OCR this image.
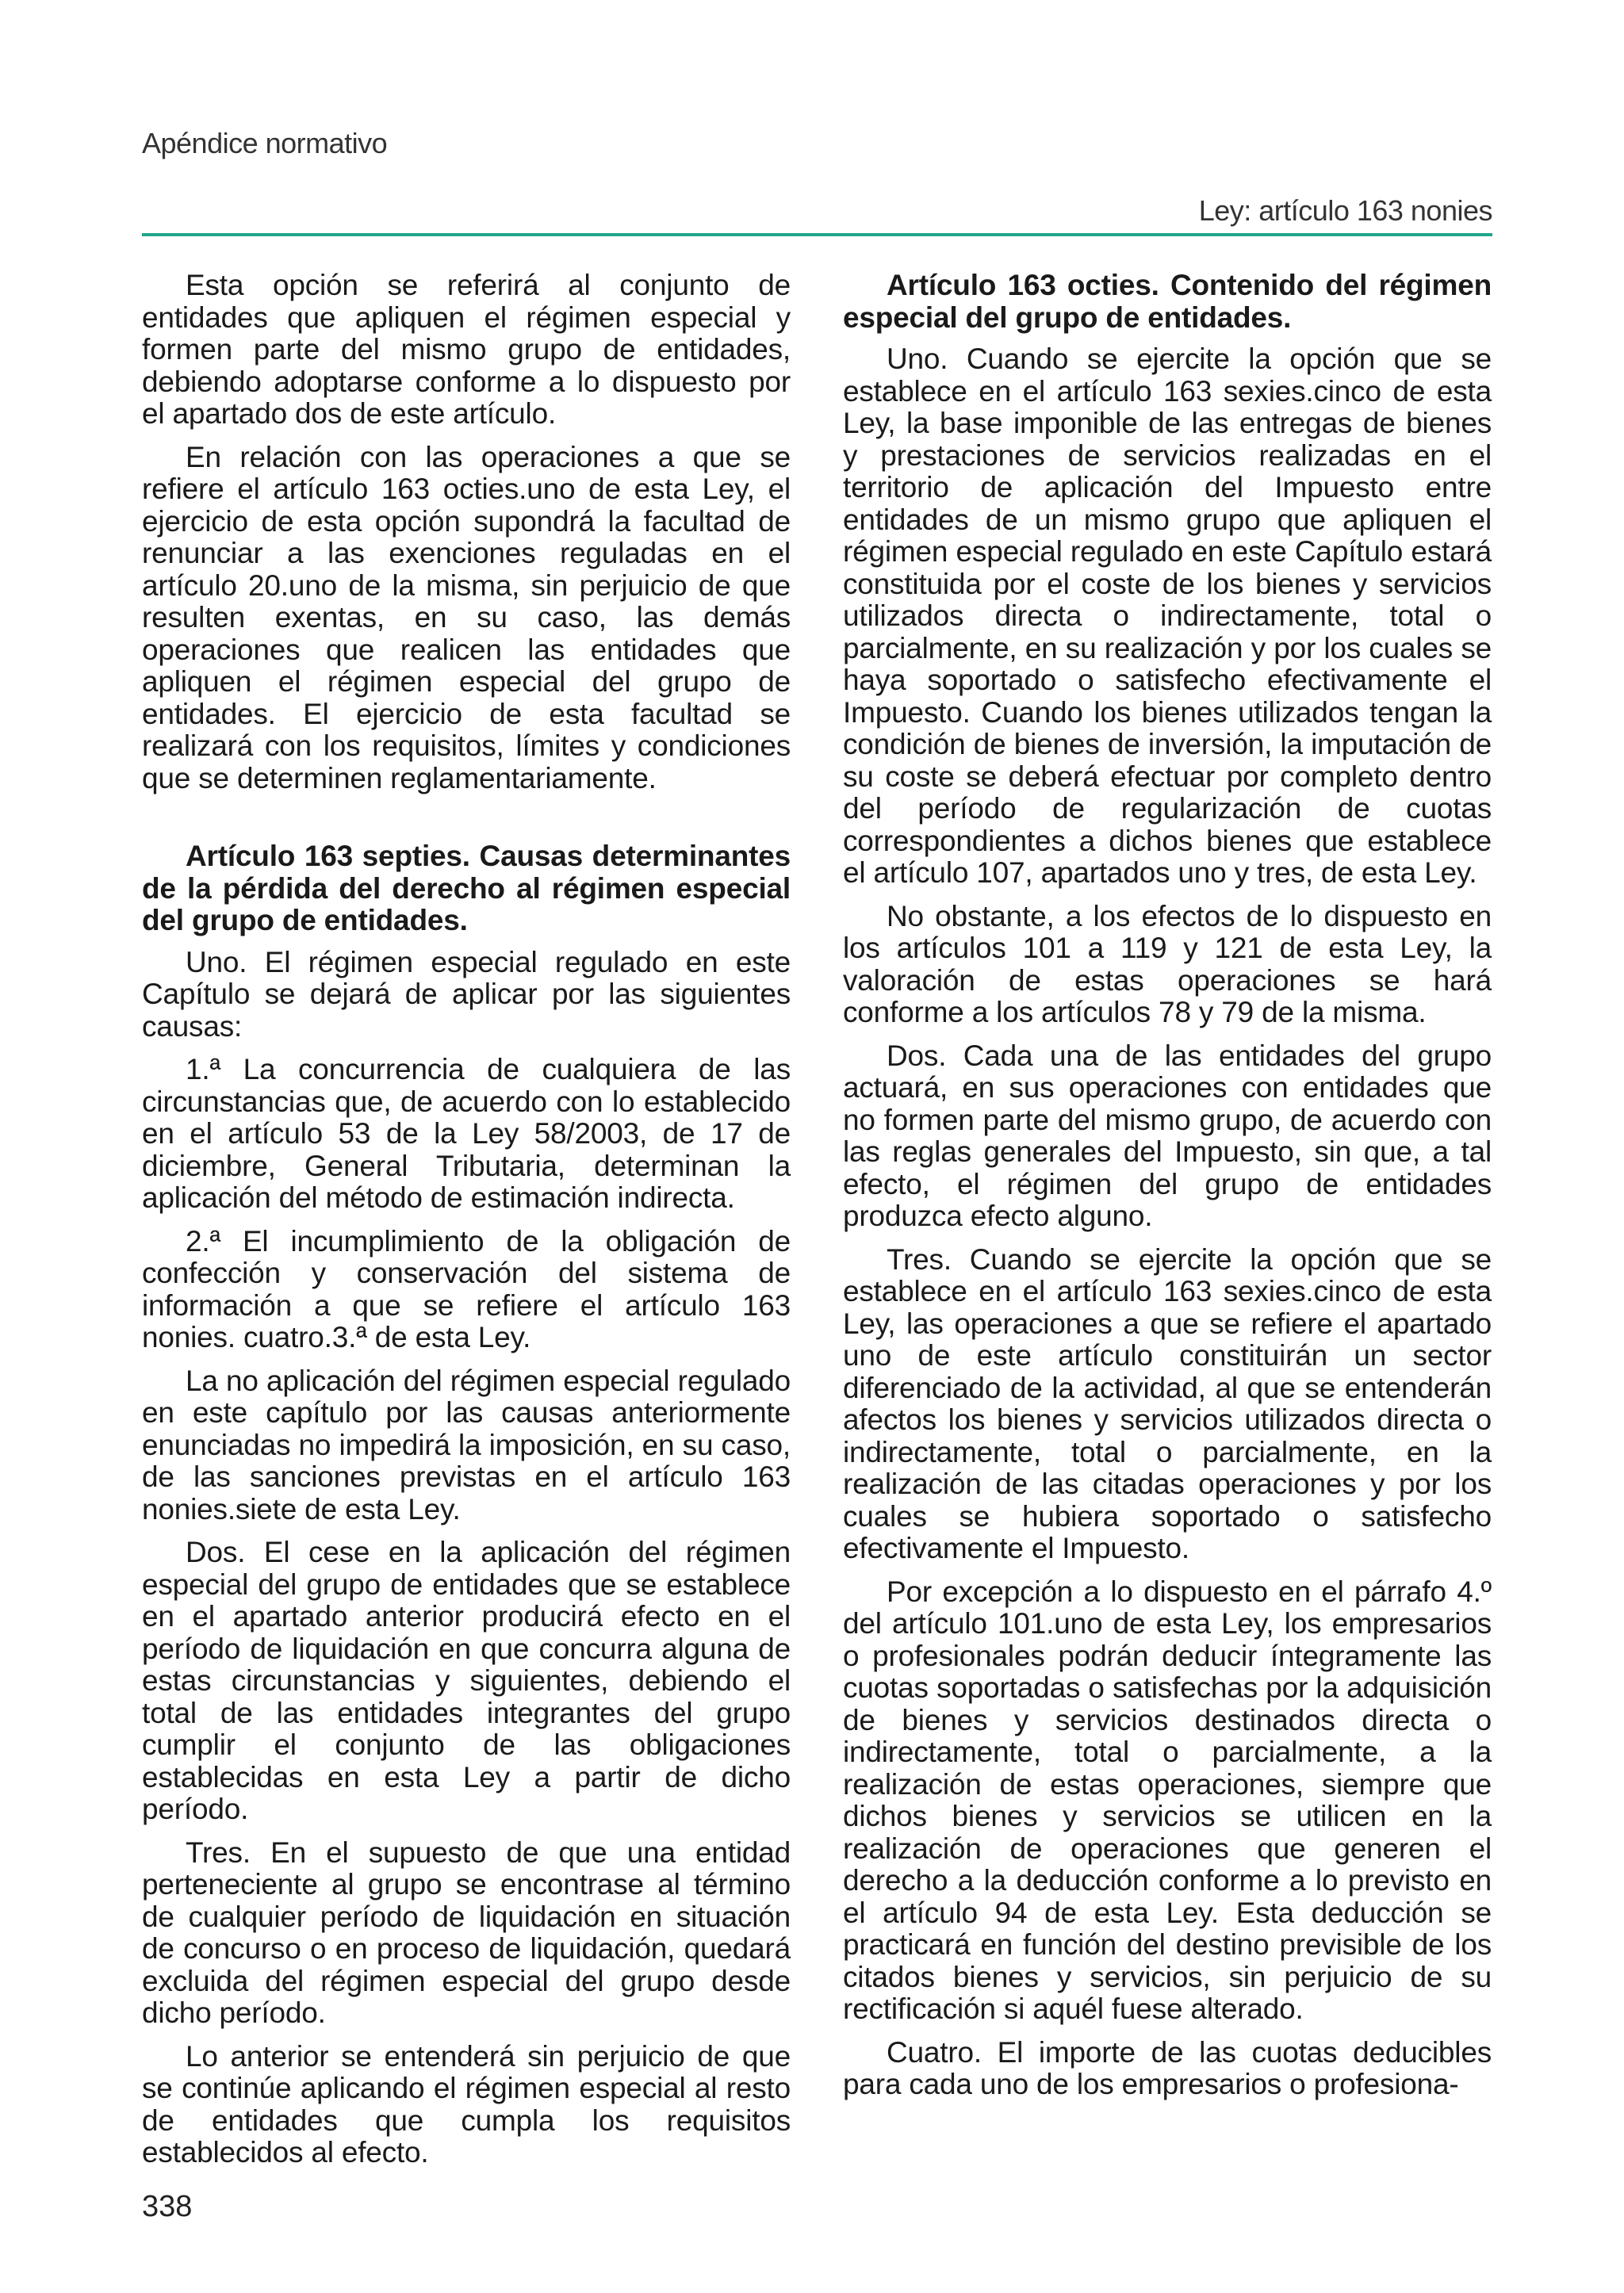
Apéndice normativo
Ley: artículo 163 nonies

Esta opción se referirá al conjunto de entidades que apliquen el régimen especial y formen parte del mismo grupo de entidades, debiendo adoptarse conforme a lo dispuesto por el apartado dos de este artículo.

En relación con las operaciones a que se refiere el artículo 163 octies.uno de esta Ley, el ejercicio de esta opción supondrá la facultad de renunciar a las exenciones reguladas en el artículo 20.uno de la misma, sin perjuicio de que resulten exentas, en su caso, las demás operaciones que realicen las entidades que apliquen el régimen especial del grupo de entidades. El ejercicio de esta facultad se realizará con los requisitos, límites y condiciones que se determinen reglamentariamente.

Artículo 163 septies. Causas determinantes de la pérdida del derecho al régimen especial del grupo de entidades.

Uno. El régimen especial regulado en este Capítulo se dejará de aplicar por las siguientes causas:

1.ª La concurrencia de cualquiera de las circunstancias que, de acuerdo con lo establecido en el artículo 53 de la Ley 58/2003, de 17 de diciembre, General Tributaria, determinan la aplicación del método de estimación indirecta.

2.ª El incumplimiento de la obligación de confección y conservación del sistema de información a que se refiere el artículo 163 nonies. cuatro.3.ª de esta Ley.

La no aplicación del régimen especial regulado en este capítulo por las causas anteriormente enunciadas no impedirá la imposición, en su caso, de las sanciones previstas en el artículo 163 nonies.siete de esta Ley.

Dos. El cese en la aplicación del régimen especial del grupo de entidades que se establece en el apartado anterior producirá efecto en el período de liquidación en que concurra alguna de estas circunstancias y siguientes, debiendo el total de las entidades integrantes del grupo cumplir el conjunto de las obligaciones establecidas en esta Ley a partir de dicho período.

Tres. En el supuesto de que una entidad perteneciente al grupo se encontrase al término de cualquier período de liquidación en situación de concurso o en proceso de liquidación, quedará excluida del régimen especial del grupo desde dicho período.

Lo anterior se entenderá sin perjuicio de que se continúe aplicando el régimen especial al resto de entidades que cumpla los requisitos establecidos al efecto.

Artículo 163 octies. Contenido del régimen especial del grupo de entidades.

Uno. Cuando se ejercite la opción que se establece en el artículo 163 sexies.cinco de esta Ley, la base imponible de las entregas de bienes y prestaciones de servicios realizadas en el territorio de aplicación del Impuesto entre entidades de un mismo grupo que apliquen el régimen especial regulado en este Capítulo estará constituida por el coste de los bienes y servicios utilizados directa o indirectamente, total o parcialmente, en su realización y por los cuales se haya soportado o satisfecho efectivamente el Impuesto. Cuando los bienes utilizados tengan la condición de bienes de inversión, la imputación de su coste se deberá efectuar por completo dentro del período de regularización de cuotas correspondientes a dichos bienes que establece el artículo 107, apartados uno y tres, de esta Ley.

No obstante, a los efectos de lo dispuesto en los artículos 101 a 119 y 121 de esta Ley, la valoración de estas operaciones se hará conforme a los artículos 78 y 79 de la misma.

Dos. Cada una de las entidades del grupo actuará, en sus operaciones con entidades que no formen parte del mismo grupo, de acuerdo con las reglas generales del Impuesto, sin que, a tal efecto, el régimen del grupo de entidades produzca efecto alguno.

Tres. Cuando se ejercite la opción que se establece en el artículo 163 sexies.cinco de esta Ley, las operaciones a que se refiere el apartado uno de este artículo constituirán un sector diferenciado de la actividad, al que se entenderán afectos los bienes y servicios utilizados directa o indirectamente, total o parcialmente, en la realización de las citadas operaciones y por los cuales se hubiera soportado o satisfecho efectivamente el Impuesto.

Por excepción a lo dispuesto en el párrafo 4.º del artículo 101.uno de esta Ley, los empresarios o profesionales podrán deducir íntegramente las cuotas soportadas o satisfechas por la adquisición de bienes y servicios destinados directa o indirectamente, total o parcialmente, a la realización de estas operaciones, siempre que dichos bienes y servicios se utilicen en la realización de operaciones que generen el derecho a la deducción conforme a lo previsto en el artículo 94 de esta Ley. Esta deducción se practicará en función del destino previsible de los citados bienes y servicios, sin perjuicio de su rectificación si aquél fuese alterado.

Cuatro. El importe de las cuotas deducibles para cada uno de los empresarios o profesiona-

338
